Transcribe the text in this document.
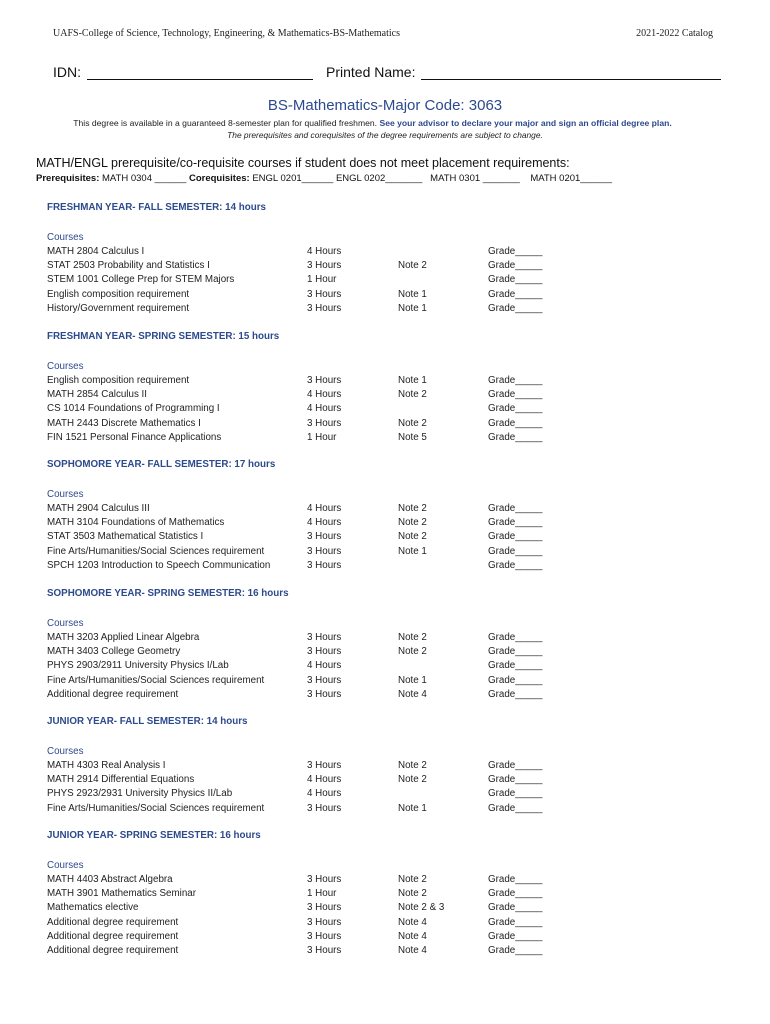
UAFS-College of Science, Technology, Engineering, & Mathematics-BS-Mathematics	2021-2022 Catalog
IDN:	Printed Name:
BS-Mathematics-Major Code: 3063
This degree is available in a guaranteed 8-semester plan for qualified freshmen. See your advisor to declare your major and sign an official degree plan.
The prerequisites and corequisites of the degree requirements are subject to change.
MATH/ENGL prerequisite/co-requisite courses if student does not meet placement requirements:
Prerequisites: MATH 0304 ______ Corequisites: ENGL 0201______ ENGL 0202_______   MATH 0301 _______    MATH 0201______
FRESHMAN YEAR- FALL SEMESTER: 14 hours
Courses
MATH 2804 Calculus I	4 Hours	Grade_____
STAT 2503 Probability and Statistics I	3 Hours	Note 2	Grade_____
STEM 1001 College Prep for STEM Majors	1 Hour	Grade_____
English composition requirement	3 Hours	Note 1	Grade_____
History/Government requirement	3 Hours	Note 1	Grade_____
FRESHMAN YEAR- SPRING SEMESTER: 15 hours
Courses
English composition requirement	3 Hours	Note 1	Grade_____
MATH 2854 Calculus II	4 Hours	Note 2	Grade_____
CS 1014 Foundations of Programming I	4 Hours	Grade_____
MATH 2443 Discrete Mathematics I	3 Hours	Note 2	Grade_____
FIN 1521 Personal Finance Applications	1 Hour	Note 5	Grade_____
SOPHOMORE YEAR- FALL SEMESTER: 17 hours
Courses
MATH 2904 Calculus III	4 Hours	Note 2	Grade_____
MATH 3104 Foundations of Mathematics	4 Hours	Note 2	Grade_____
STAT 3503 Mathematical Statistics I	3 Hours	Note 2	Grade_____
Fine Arts/Humanities/Social Sciences requirement	3 Hours	Note 1	Grade_____
SPCH 1203 Introduction to Speech Communication	3 Hours	Grade_____
SOPHOMORE YEAR- SPRING SEMESTER: 16 hours
Courses
MATH 3203 Applied Linear Algebra	3 Hours	Note 2	Grade_____
MATH 3403 College Geometry	3 Hours	Note 2	Grade_____
PHYS 2903/2911 University Physics I/Lab	4 Hours	Grade_____
Fine Arts/Humanities/Social Sciences requirement	3 Hours	Note 1	Grade_____
Additional degree requirement	3 Hours	Note 4	Grade_____
JUNIOR YEAR- FALL SEMESTER: 14 hours
Courses
MATH 4303 Real Analysis I	3 Hours	Note 2	Grade_____
MATH 2914 Differential Equations	4 Hours	Note 2	Grade_____
PHYS 2923/2931 University Physics II/Lab	4 Hours	Grade_____
Fine Arts/Humanities/Social Sciences requirement	3 Hours	Note 1	Grade_____
JUNIOR YEAR- SPRING SEMESTER: 16 hours
Courses
MATH 4403 Abstract Algebra	3 Hours	Note 2	Grade_____
MATH 3901 Mathematics Seminar	1 Hour	Note 2	Grade_____
Mathematics elective	3 Hours	Note 2 & 3	Grade_____
Additional degree requirement	3 Hours	Note 4	Grade_____
Additional degree requirement	3 Hours	Note 4	Grade_____
Additional degree requirement	3 Hours	Note 4	Grade_____
